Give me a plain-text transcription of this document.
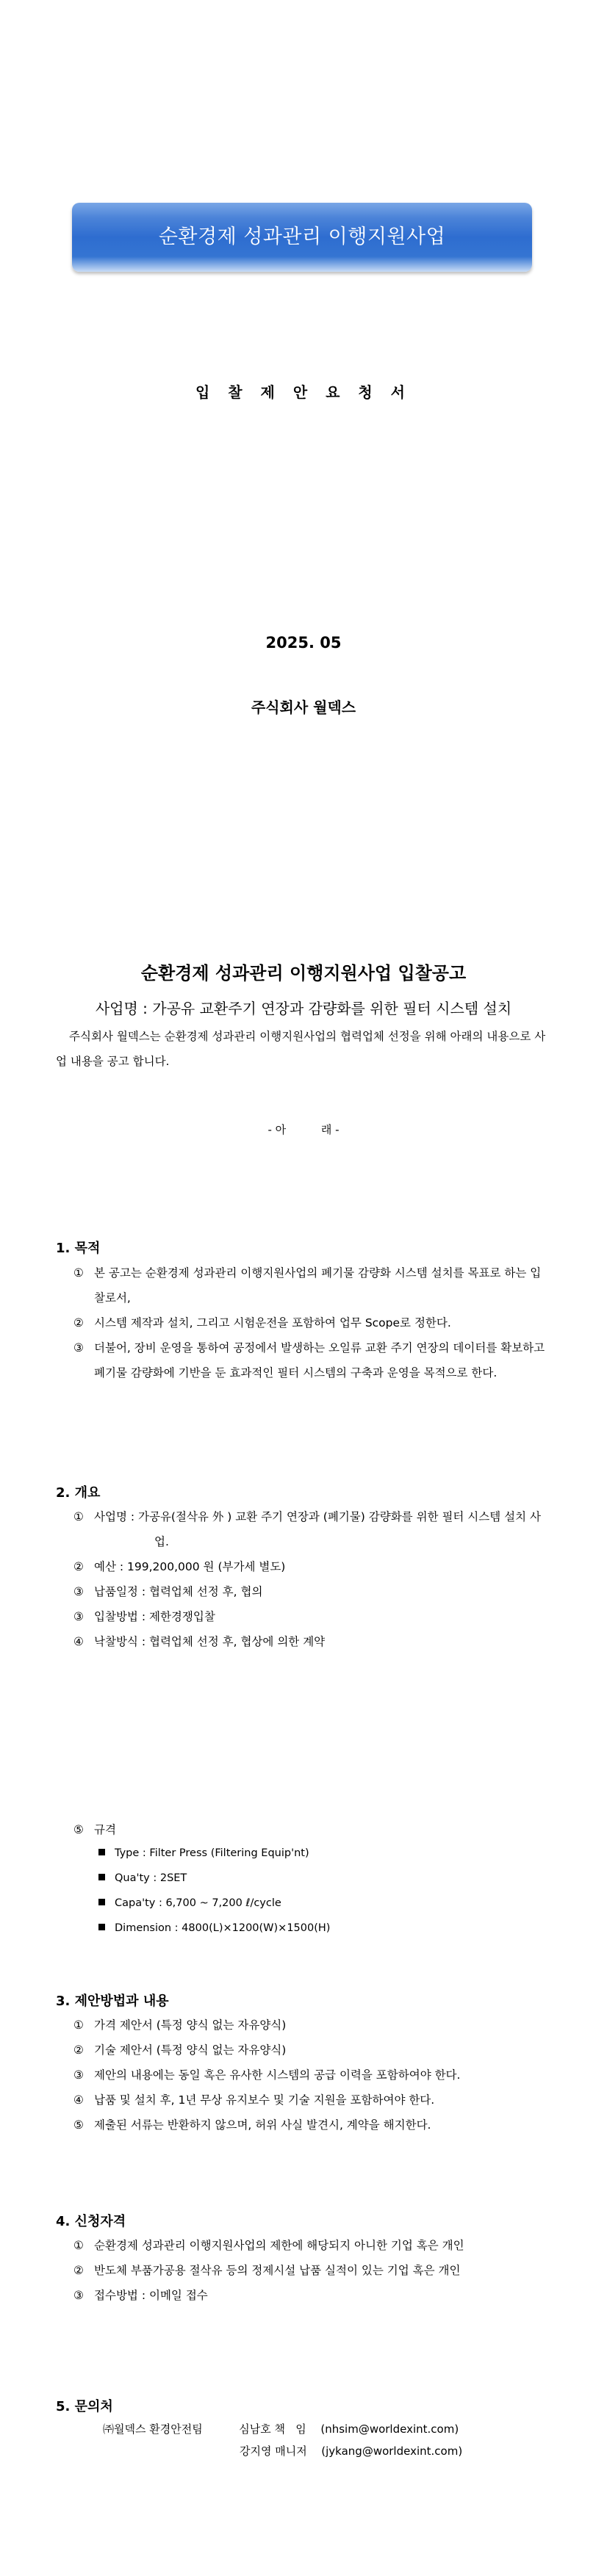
순환경제 성과관리 이행지원사업
입 찰 제 안 요 청 서
2025. 05
주식회사 월덱스
순환경제 성과관리 이행지원사업 입찰공고
사업명 : 가공유 교환주기 연장과 감량화를 위한 필터 시스템 설치
주식회사 월덱스는 순환경제 성과관리 이행지원사업의 협력업체 선정을 위해 아래의 내용으로 사업 내용을 공고 합니다.
- 아          래 -
1. 목적
① 본 공고는 순환경제 성과관리 이행지원사업의 폐기물 감량화 시스템 설치를 목표로 하는 입찰로서,
② 시스템 제작과 설치, 그리고 시험운전을 포함하여 업무 Scope로 정한다.
③ 더불어, 장비 운영을 통하여 공정에서 발생하는 오일류 교환 주기 연장의 데이터를 확보하고 폐기물 감량화에 기반을 둔 효과적인 필터 시스템의 구축과 운영을 목적으로 한다.
2. 개요
① 사업명 : 가공유(절삭유 外 ) 교환 주기 연장과 (폐기물) 감량화를 위한 필터 시스템 설치 사업.
② 예산 : 199,200,000 원 (부가세 별도)
③ 납품일정 : 협력업체 선정 후, 협의
③ 입찰방법 : 제한경쟁입찰
④ 낙찰방식 : 협력업체 선정 후, 협상에 의한 계약
⑤ 규격
Type : Filter Press (Filtering Equip'nt)
Qua'ty : 2SET
Capa'ty : 6,700 ~ 7,200 ℓ/cycle
Dimension : 4800(L)×1200(W)×1500(H)
3. 제안방법과 내용
① 가격 제안서 (특정 양식 없는 자유양식)
② 기술 제안서 (특정 양식 없는 자유양식)
③ 제안의 내용에는 동일 혹은 유사한 시스템의 공급 이력을 포함하여야 한다.
④ 납품 및 설치 후, 1년 무상 유지보수 및 기술 지원을 포함하여야 한다.
⑤ 제출된 서류는 반환하지 않으며, 허위 사실 발견시, 계약을 해지한다.
4. 신청자격
① 순환경제 성과관리 이행지원사업의 제한에 해당되지 아니한 기업 혹은 개인
② 반도체 부품가공용 절삭유 등의 정제시설 납품 실적이 있는 기업 혹은 개인
③ 접수방법 : 이메일 접수
5. 문의처
㈜월덱스 환경안전팀	심남호 책   임 (nhsim@worldexint.com)
강지영 매니저 (jykang@worldexint.com)
